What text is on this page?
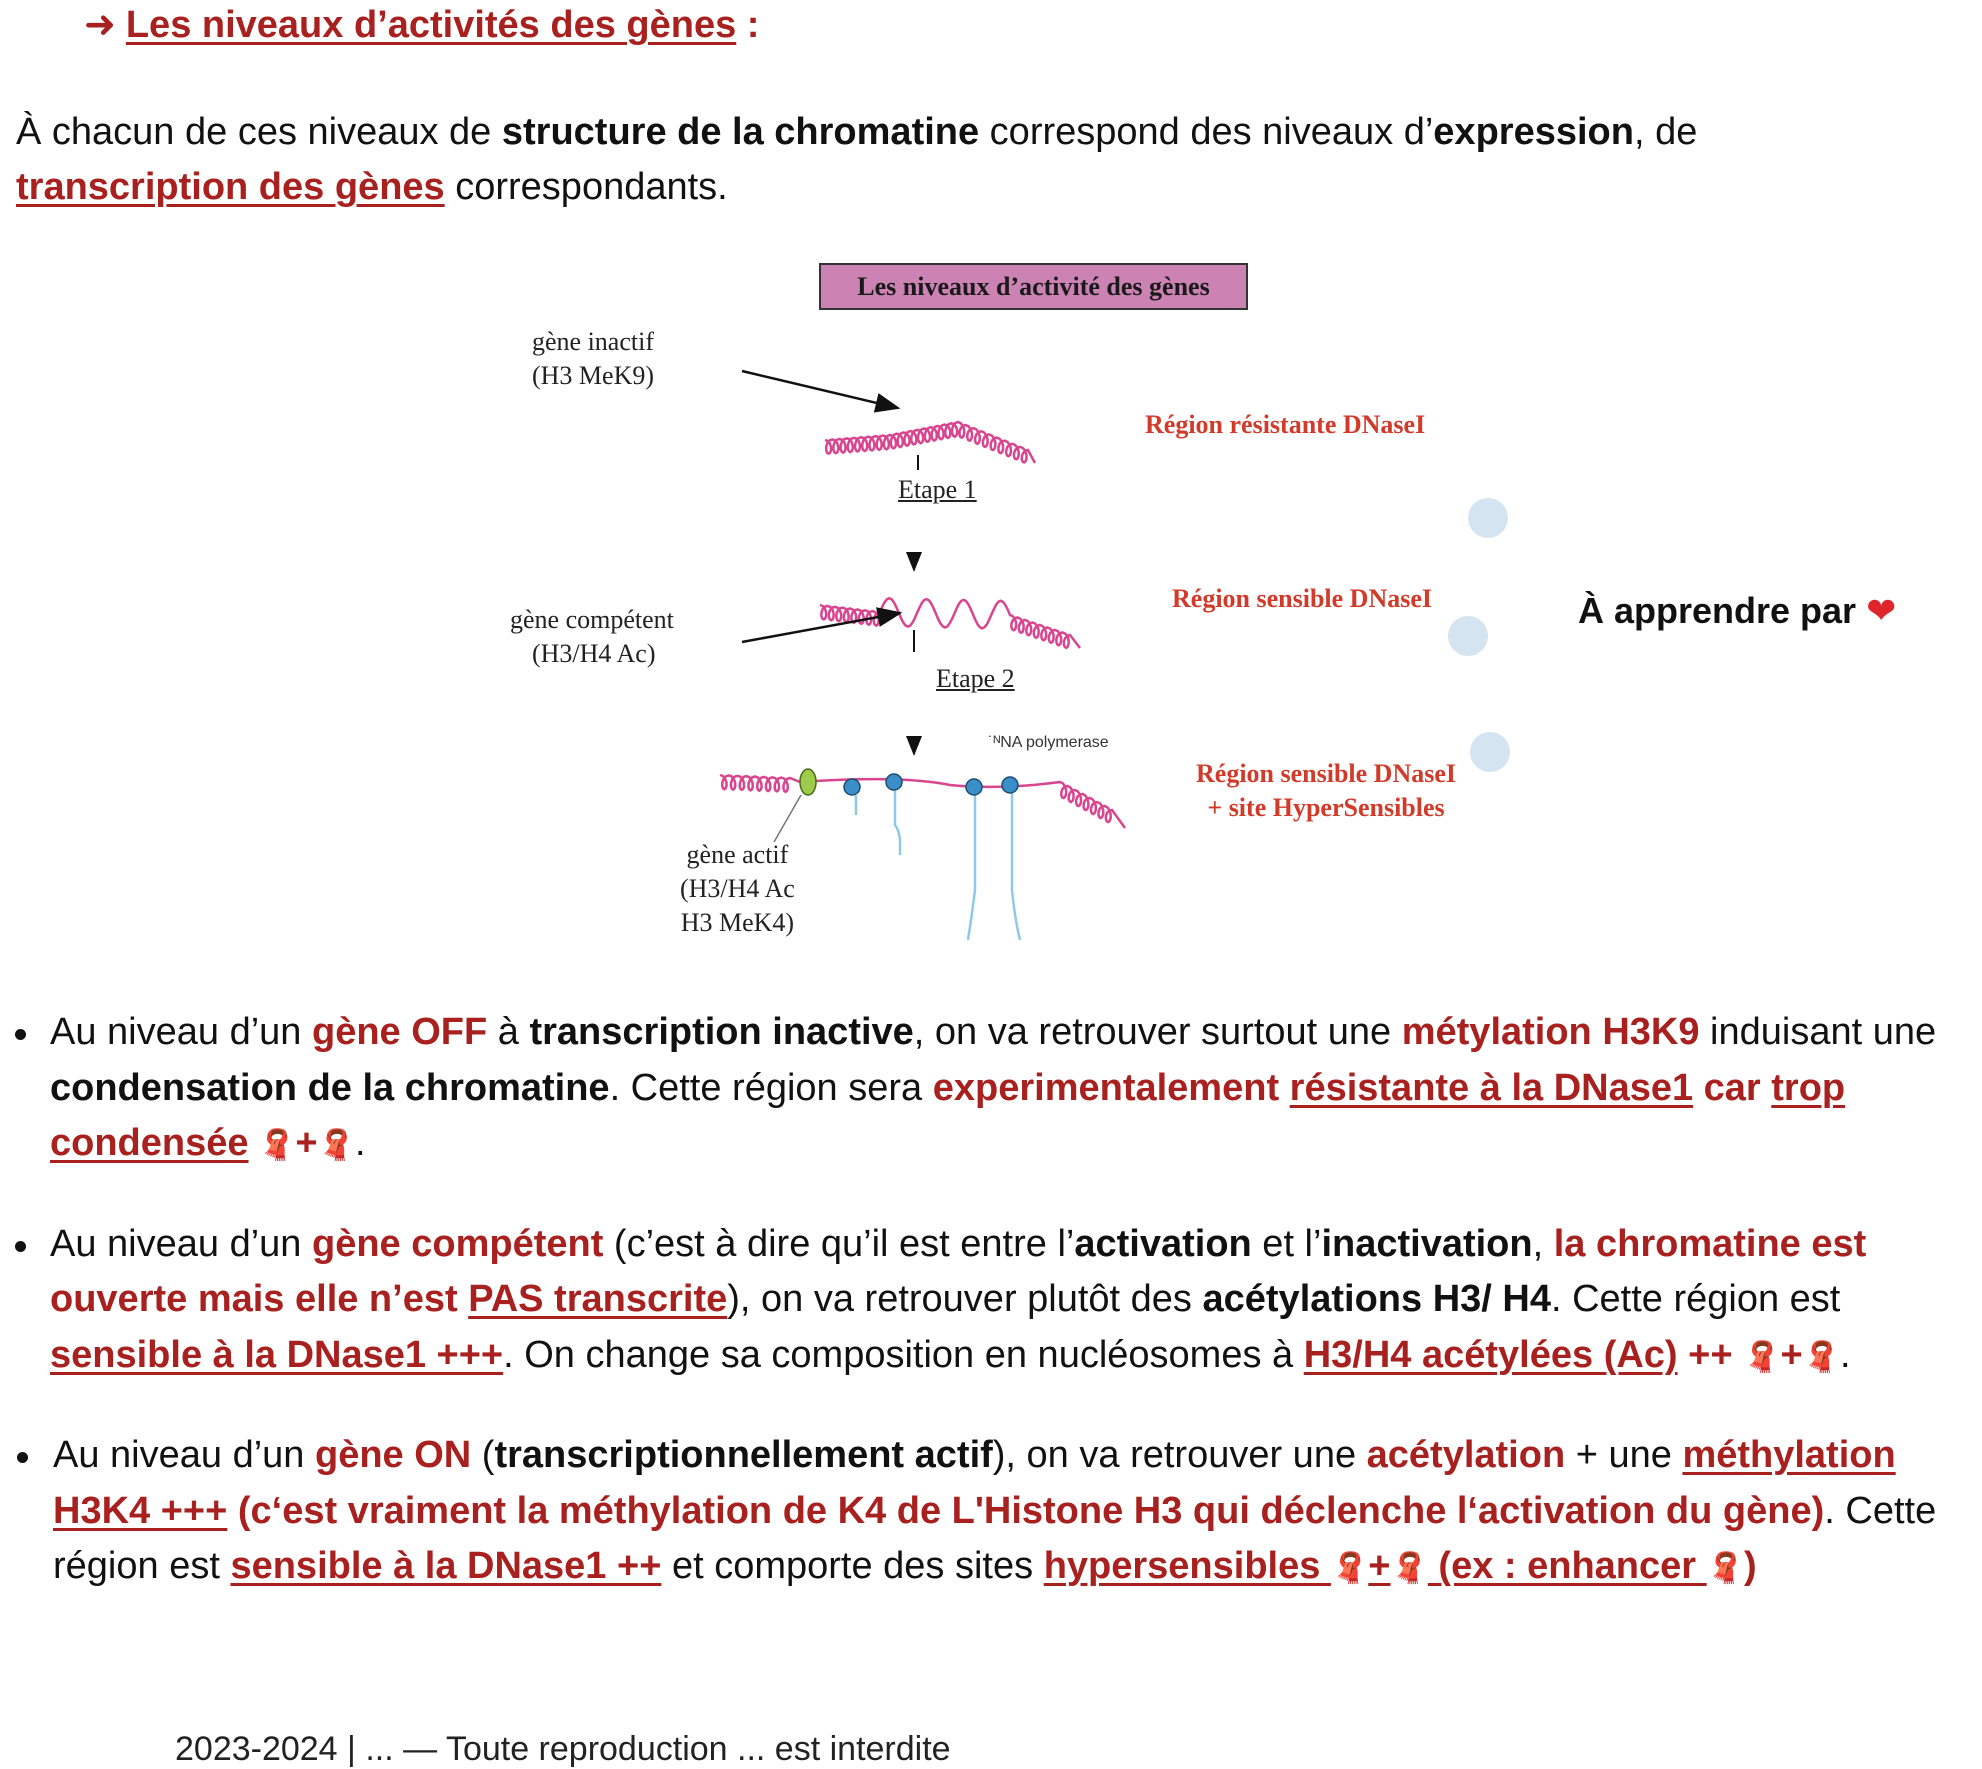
➜ Les niveaux d’activités des gènes :

À chacun de ces niveaux de structure de la chromatine correspond des niveaux d’expression, de
transcription des gènes correspondants.

Les niveaux d’activité des gènes
gène inactif
(H3 MeK9)
gène compétent
(H3/H4 Ac)
gène actif
(H3/H4 Ac
H3 MeK4)
Etape 1
Etape 2
˙ᴺNA polymerase
Région résistante DNaseI
Région sensible DNaseI
Région sensible DNaseI
+ site HyperSensibles
À apprendre par ❤
Au niveau d’un gène OFF à transcription inactive, on va retrouver surtout une métylation H3K9 induisant une condensation de la chromatine. Cette région sera experimentalement résistante à la DNase1 car trop condensée 🧣+🧣.
Au niveau d’un gène compétent (c’est à dire qu’il est entre l’activation et l’inactivation, la chromatine est ouverte mais elle n’est PAS transcrite), on va retrouver plutôt des acétylations H3/ H4. Cette région est sensible à la DNase1 +++. On change sa composition en nucléosomes à H3/H4 acétylées (Ac) ++ 🧣+🧣.
Au niveau d’un gène ON (transcriptionnellement actif), on va retrouver une acétylation + une méthylation H3K4 +++ (c‘est vraiment la méthylation de K4 de L'Histone H3 qui déclenche l‘activation du gène). Cette région est sensible à la DNase1 ++ et comporte des sites hypersensibles 🧣+🧣 (ex : enhancer 🧣)
2023-2024 | ... — Toute reproduction ... est interdite
